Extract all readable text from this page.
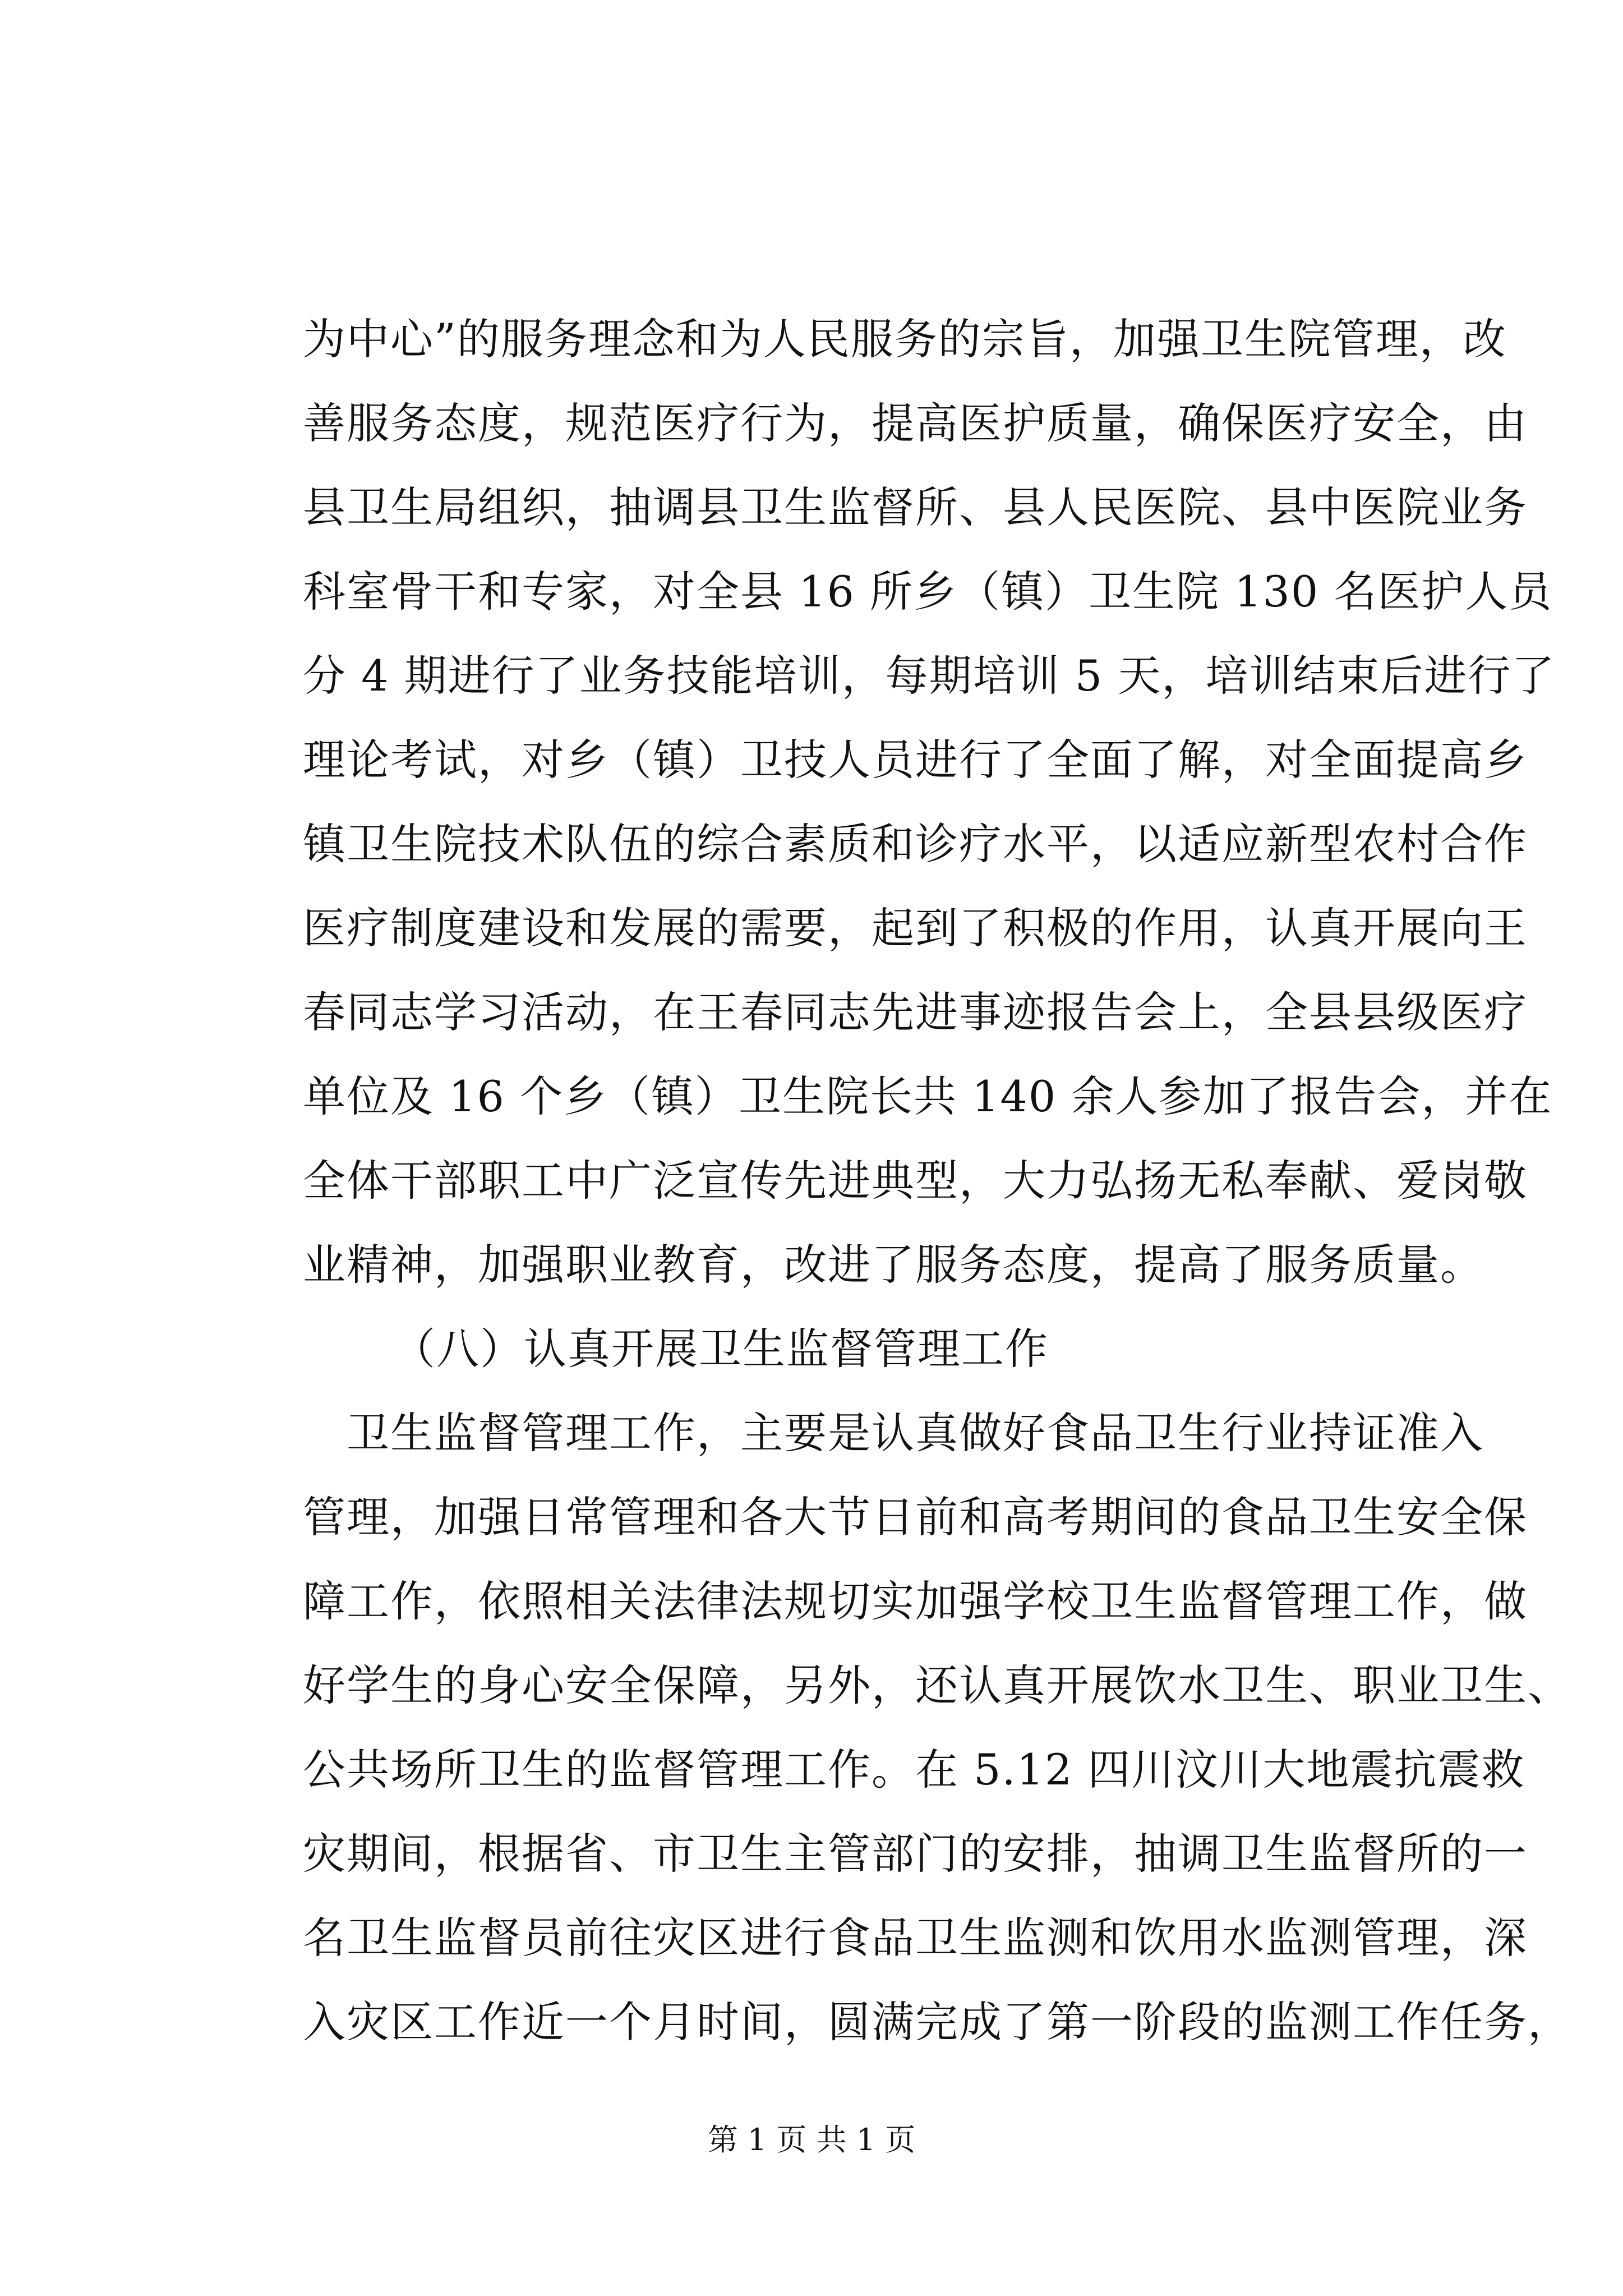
为中心”的服务理念和为人民服务的宗旨，加强卫生院管理，改
善服务态度，规范医疗行为，提高医护质量，确保医疗安全，由
县卫生局组织，抽调县卫生监督所、县人民医院、县中医院业务
科室骨干和专家，对全县 16 所乡（镇）卫生院 130 名医护人员
分 4 期进行了业务技能培训，每期培训 5 天，培训结束后进行了
理论考试，对乡（镇）卫技人员进行了全面了解，对全面提高乡
镇卫生院技术队伍的综合素质和诊疗水平，以适应新型农村合作
医疗制度建设和发展的需要，起到了积极的作用，认真开展向王
春同志学习活动，在王春同志先进事迹报告会上，全县县级医疗
单位及 16 个乡（镇）卫生院长共 140 余人参加了报告会，并在
全体干部职工中广泛宣传先进典型，大力弘扬无私奉献、爱岗敬
业精神，加强职业教育，改进了服务态度，提高了服务质量。
（八）认真开展卫生监督管理工作
　卫生监督管理工作，主要是认真做好食品卫生行业持证准入
管理，加强日常管理和各大节日前和高考期间的食品卫生安全保
障工作，依照相关法律法规切实加强学校卫生监督管理工作，做
好学生的身心安全保障，另外，还认真开展饮水卫生、职业卫生、
公共场所卫生的监督管理工作。在 5.12 四川汶川大地震抗震救
灾期间，根据省、市卫生主管部门的安排，抽调卫生监督所的一
名卫生监督员前往灾区进行食品卫生监测和饮用水监测管理，深
入灾区工作近一个月时间，圆满完成了第一阶段的监测工作任务，
第 1 页 共 1 页
